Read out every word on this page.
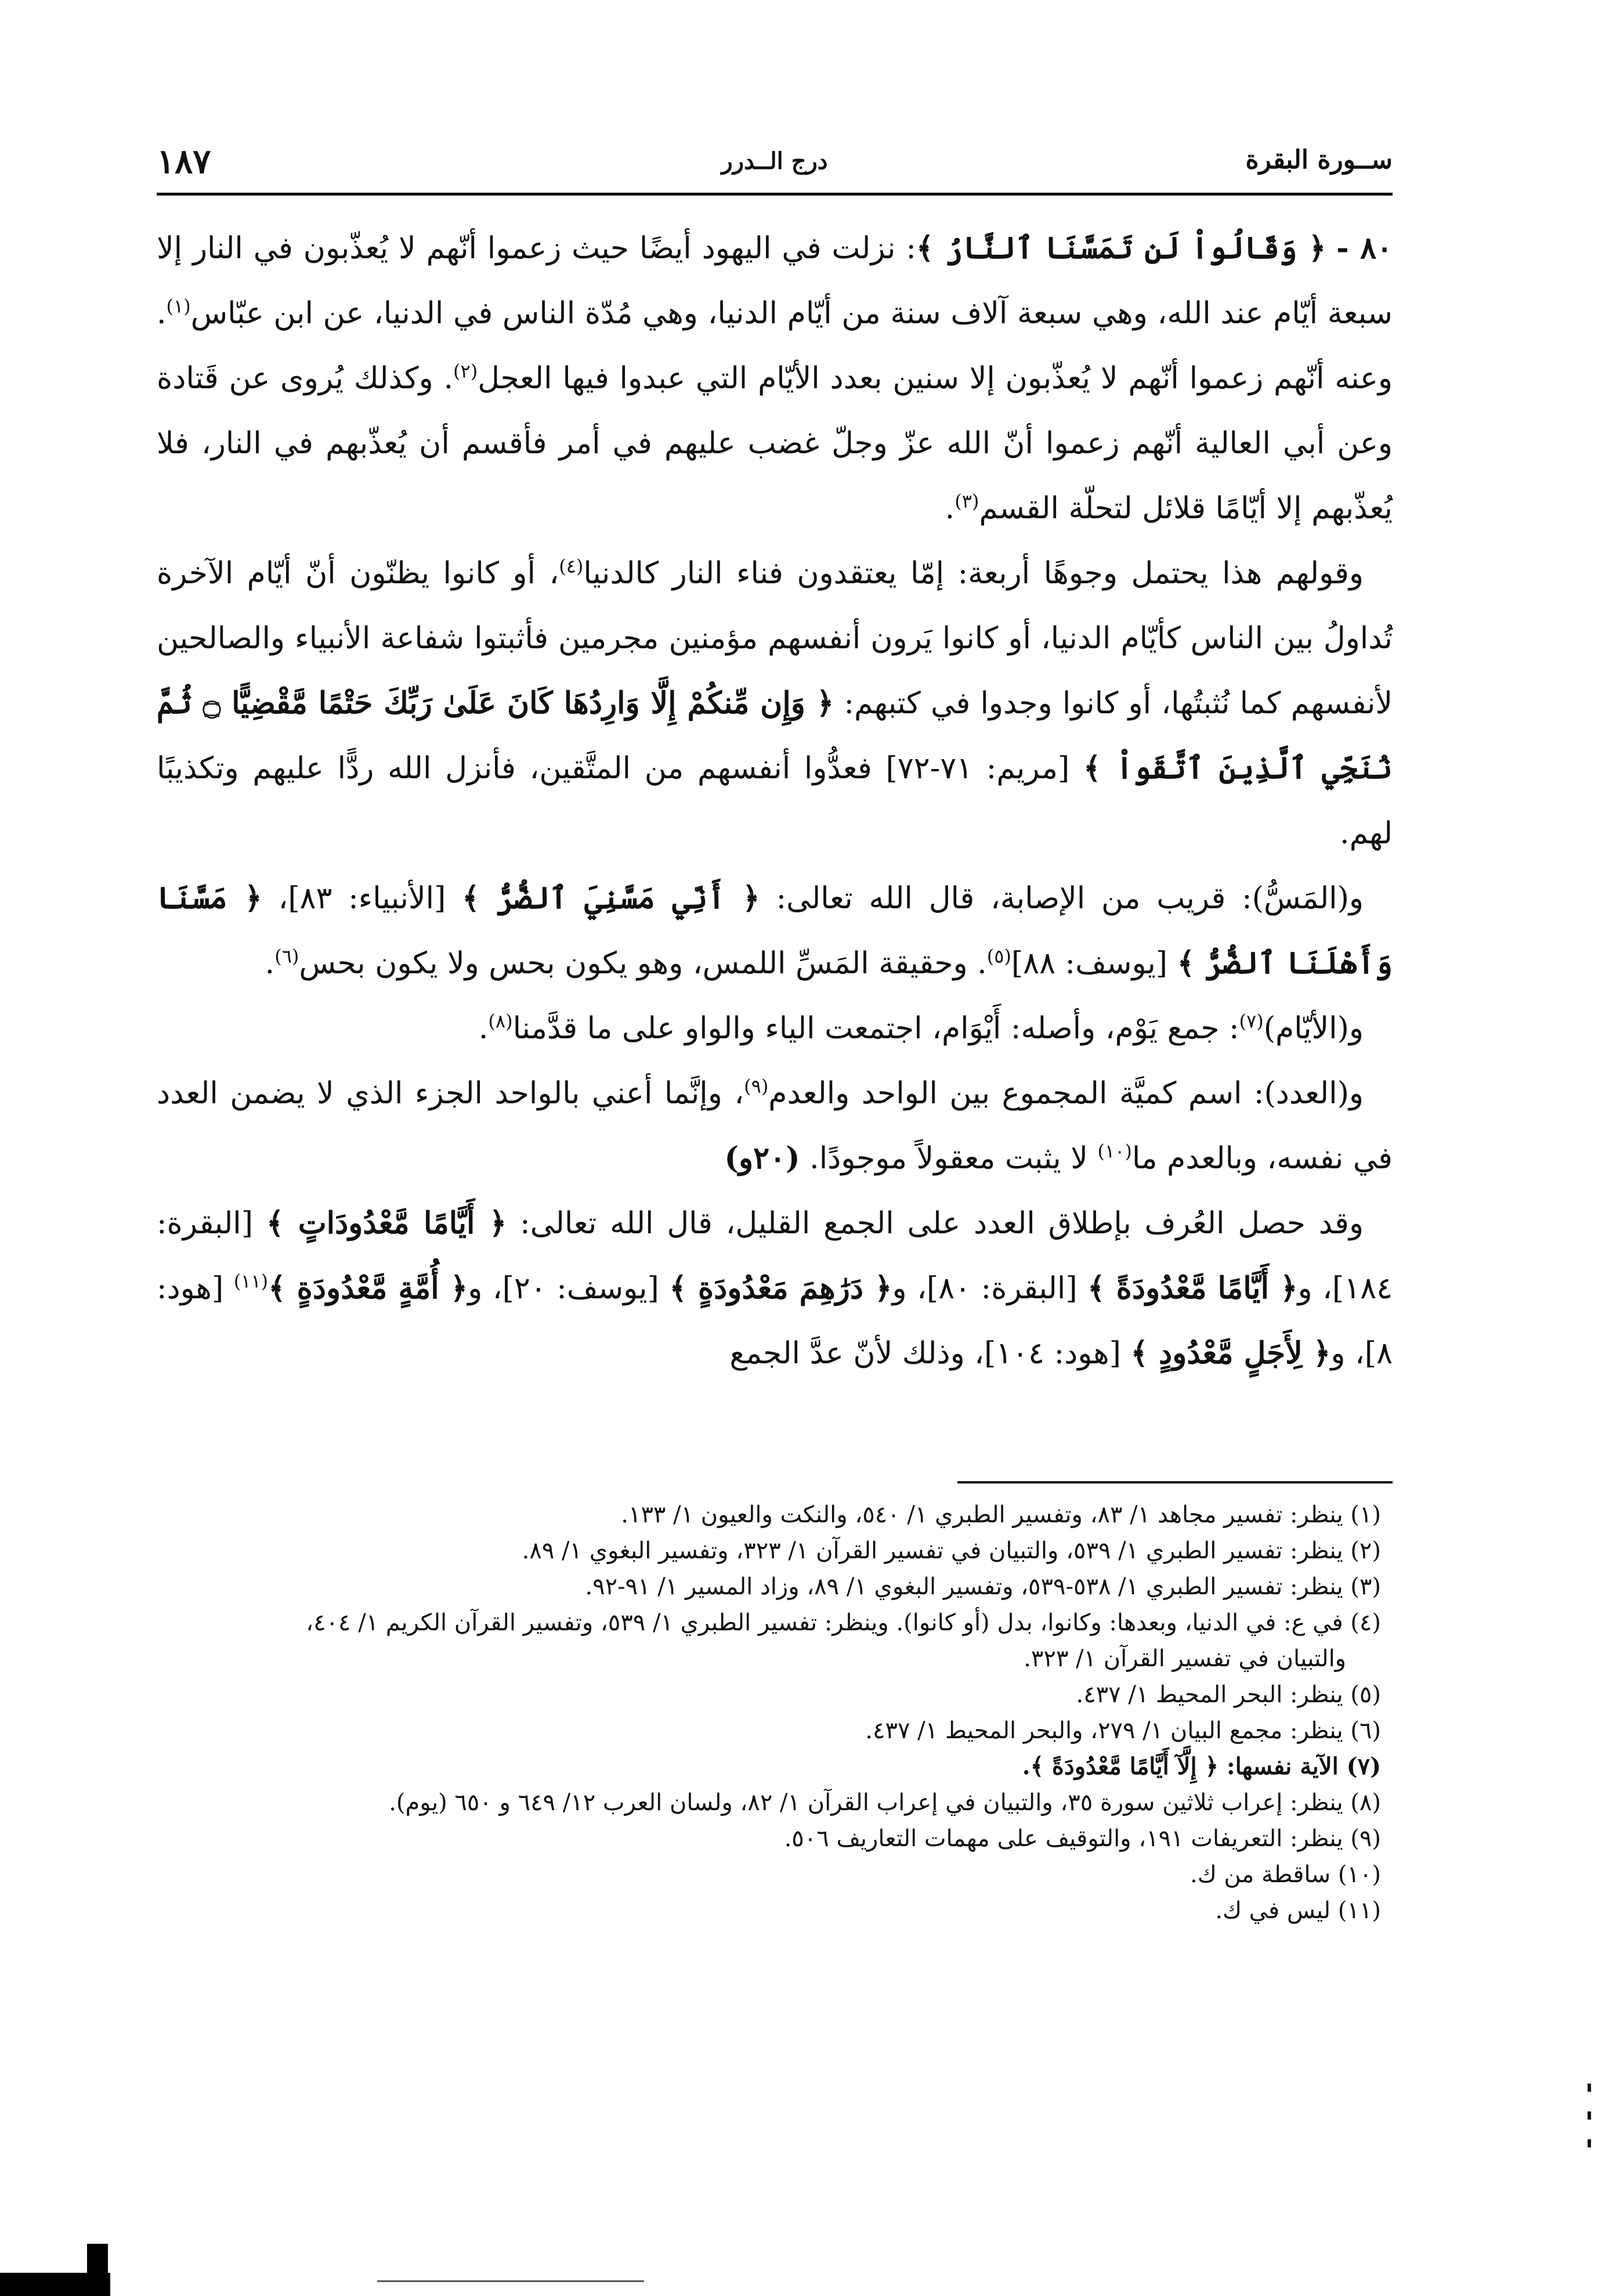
ســورة البقرة
درج الــدرر
١٨٧

٨٠ - ﴿ وَقَالُواْ لَن تَمَسَّنَا ٱلنَّارُ ﴾: نزلت في اليهود أيضًا حيث زعموا أنّهم لا يُعذّبون في النار إلا سبعة أيّام عند الله، وهي سبعة آلاف سنة من أيّام الدنيا، وهي مُدّة الناس في الدنيا، عن ابن عبّاس$^{(١)}$. وعنه أنّهم زعموا أنّهم لا يُعذّبون إلا سنين بعدد الأيّام التي عبدوا فيها العجل$^{(٢)}$. وكذلك يُروى عن قَتادة وعن أبي العالية أنّهم زعموا أنّ الله عزّ وجلّ غضب عليهم في أمر فأقسم أن يُعذّبهم في النار، فلا يُعذّبهم إلا أيّامًا قلائل لتحلّة القسم$^{(٣)}$.

وقولهم هذا يحتمل وجوهًا أربعة: إمّا يعتقدون فناء النار كالدنيا$^{(٤)}$، أو كانوا يظنّون أنّ أيّام الآخرة تُداولُ بين الناس كأيّام الدنيا، أو كانوا يَرون أنفسهم مؤمنين مجرمين فأثبتوا شفاعة الأنبياء والصالحين لأنفسهم كما نُثبتُها، أو كانوا وجدوا في كتبهم: ﴿ وَإِن مِّنكُمْ إِلَّا وَارِدُهَا كَانَ عَلَىٰ رَبِّكَ حَتْمًا مَّقْضِيًّا ۝ ثُمَّ نُنَجِّي ٱلَّذِينَ ٱتَّقَواْ ﴾ [مريم: ٧١-٧٢] فعدُّوا أنفسهم من المتَّقين، فأنزل الله ردًّا عليهم وتكذيبًا لهم.

و(المَسُّ): قريب من الإصابة، قال الله تعالى: ﴿ أَنِّي مَسَّنِيَ ٱلضُّرُّ ﴾ [الأنبياء: ٨٣]، ﴿ مَسَّنَا وَأَهْلَنَا ٱلضُّرُّ ﴾ [يوسف: ٨٨]$^{(٥)}$. وحقيقة المَسِّ اللمس، وهو يكون بحس ولا يكون بحس$^{(٦)}$.

و(الأيّام)$^{(٧)}$: جمع يَوْم، وأصله: أَيْوَام، اجتمعت الياء والواو على ما قدَّمنا$^{(٨)}$.

و(العدد): اسم كميَّة المجموع بين الواحد والعدم$^{(٩)}$، وإنَّما أعني بالواحد الجزء الذي لا يضمن العدد في نفسه، وبالعدم ما$^{(١٠)}$ لا يثبت معقولاً موجودًا. (٢٠و)

وقد حصل العُرف بإطلاق العدد على الجمع القليل، قال الله تعالى: ﴿ أَيَّامًا مَّعْدُودَاتٍ ﴾ [البقرة: ١٨٤]، و﴿ أَيَّامًا مَّعْدُودَةً ﴾ [البقرة: ٨٠]، و﴿ دَرَٰهِمَ مَعْدُودَةٍ ﴾ [يوسف: ٢٠]، و﴿ أُمَّةٍ مَّعْدُودَةٍ ﴾$^{(١١)}$ [هود: ٨]، و﴿ لِأَجَلٍ مَّعْدُودٍ ﴾ [هود: ١٠٤]، وذلك لأنّ عدَّ الجمع

(١) ينظر: تفسير مجاهد ١/ ٨٣، وتفسير الطبري ١/ ٥٤٠، والنكت والعيون ١/ ١٣٣.

(٢) ينظر: تفسير الطبري ١/ ٥٣٩، والتبيان في تفسير القرآن ١/ ٣٢٣، وتفسير البغوي ١/ ٨٩.

(٣) ينظر: تفسير الطبري ١/ ٥٣٨-٥٣٩، وتفسير البغوي ١/ ٨٩، وزاد المسير ١/ ٩١-٩٢.

(٤) في ع: في الدنيا، وبعدها: وكانوا، بدل (أو كانوا). وينظر: تفسير الطبري ١/ ٥٣٩، وتفسير القرآن الكريم ١/ ٤٠٤،

والتبيان في تفسير القرآن ١/ ٣٢٣.

(٥) ينظر: البحر المحيط ١/ ٤٣٧.

(٦) ينظر: مجمع البيان ١/ ٢٧٩، والبحر المحيط ١/ ٤٣٧.

(٧) الآية نفسها: ﴿ إِلَّآ أَيَّامًا مَّعْدُودَةً ﴾.

(٨) ينظر: إعراب ثلاثين سورة ٣٥، والتبيان في إعراب القرآن ١/ ٨٢، ولسان العرب ١٢/ ٦٤٩ و ٦٥٠ (يوم).

(٩) ينظر: التعريفات ١٩١، والتوقيف على مهمات التعاريف ٥٠٦.

(١٠) ساقطة من ك.

(١١) ليس في ك.
